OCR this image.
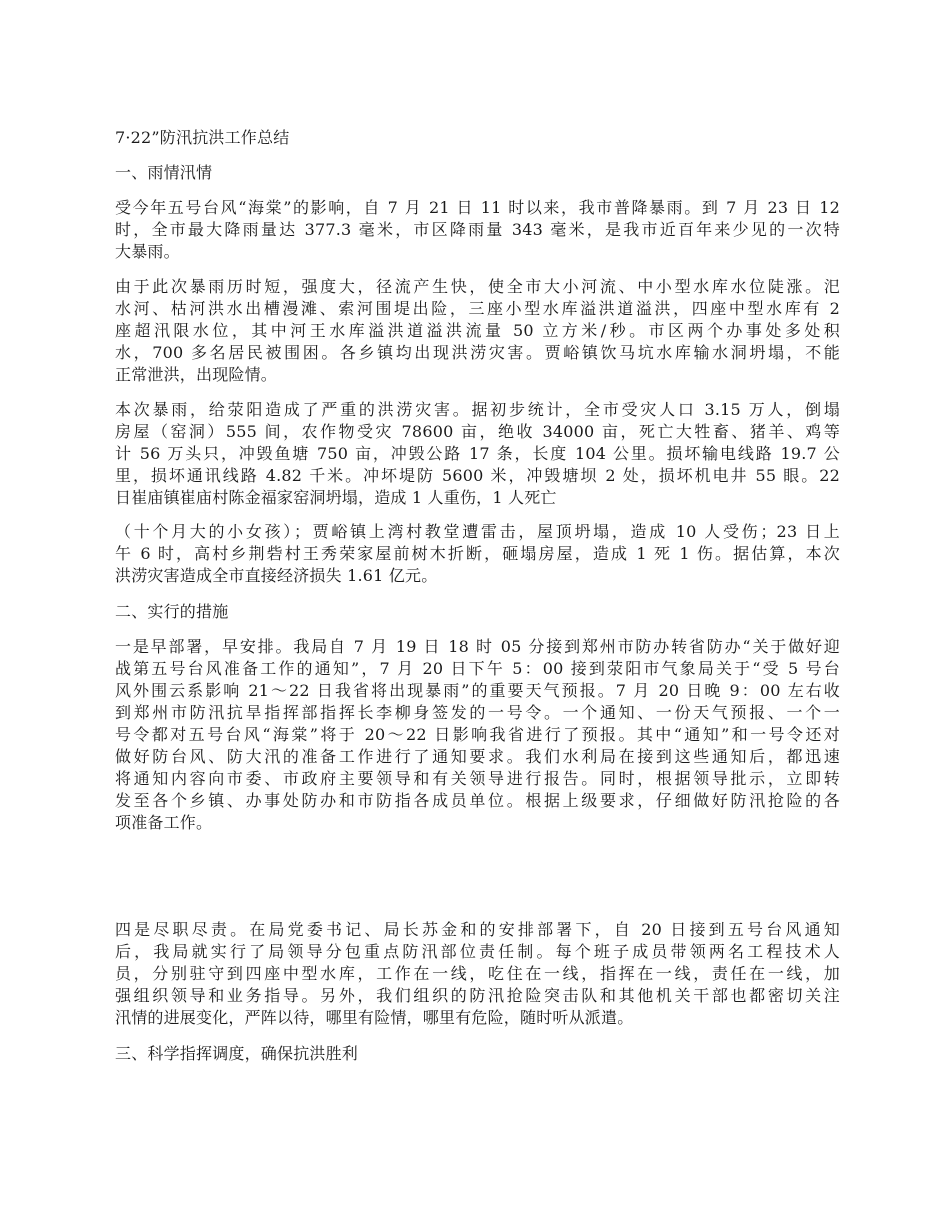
7·22”防汛抗洪工作总结
一、雨情汛情
受今年五号台风“海棠”的影响，自 7 月 21 日 11 时以来，我市普降暴雨。到 7 月 23 日 12
时，全市最大降雨量达 377.3 毫米，市区降雨量 343 毫米，是我市近百年来少见的一次特
大暴雨。
由于此次暴雨历时短，强度大，径流产生快，使全市大小河流、中小型水库水位陡涨。汜
水河、枯河洪水出槽漫滩、索河围堤出险，三座小型水库溢洪道溢洪，四座中型水库有 2
座超汛限水位，其中河王水库溢洪道溢洪流量 50 立方米/秒。市区两个办事处多处积
水，700 多名居民被围困。各乡镇均出现洪涝灾害。贾峪镇饮马坑水库输水洞坍塌，不能
正常泄洪，出现险情。
本次暴雨，给荥阳造成了严重的洪涝灾害。据初步统计，全市受灾人口 3.15 万人，倒塌
房屋（窑洞）555 间，农作物受灾 78600 亩，绝收 34000 亩，死亡大牲畜、猪羊、鸡等
计 56 万头只，冲毁鱼塘 750 亩，冲毁公路 17 条，长度 104 公里。损坏输电线路 19.7 公
里，损坏通讯线路 4.82 千米。冲坏堤防 5600 米，冲毁塘坝 2 处，损坏机电井 55 眼。22
日崔庙镇崔庙村陈金福家窑洞坍塌，造成 1 人重伤，1 人死亡
（十个月大的小女孩）；贾峪镇上湾村教堂遭雷击，屋顶坍塌，造成 10 人受伤；23 日上
午 6 时，高村乡荆砦村王秀荣家屋前树木折断，砸塌房屋，造成 1 死 1 伤。据估算，本次
洪涝灾害造成全市直接经济损失 1.61 亿元。
二、实行的措施
一是早部署，早安排。我局自 7 月 19 日 18 时 05 分接到郑州市防办转省防办“关于做好迎
战第五号台风准备工作的通知”，7 月 20 日下午 5：00 接到荥阳市气象局关于“受 5 号台
风外围云系影响 21～22 日我省将出现暴雨”的重要天气预报。7 月 20 日晚 9：00 左右收
到郑州市防汛抗旱指挥部指挥长李柳身签发的一号令。一个通知、一份天气预报、一个一
号令都对五号台风“海棠”将于 20～22 日影响我省进行了预报。其中“通知”和一号令还对
做好防台风、防大汛的准备工作进行了通知要求。我们水利局在接到这些通知后，都迅速
将通知内容向市委、市政府主要领导和有关领导进行报告。同时，根据领导批示，立即转
发至各个乡镇、办事处防办和市防指各成员单位。根据上级要求，仔细做好防汛抢险的各
项准备工作。
四是尽职尽责。在局党委书记、局长苏金和的安排部署下，自 20 日接到五号台风通知
后，我局就实行了局领导分包重点防汛部位责任制。每个班子成员带领两名工程技术人
员，分别驻守到四座中型水库，工作在一线，吃住在一线，指挥在一线，责任在一线，加
强组织领导和业务指导。另外，我们组织的防汛抢险突击队和其他机关干部也都密切关注
汛情的进展变化，严阵以待，哪里有险情，哪里有危险，随时听从派遣。
三、科学指挥调度，确保抗洪胜利
